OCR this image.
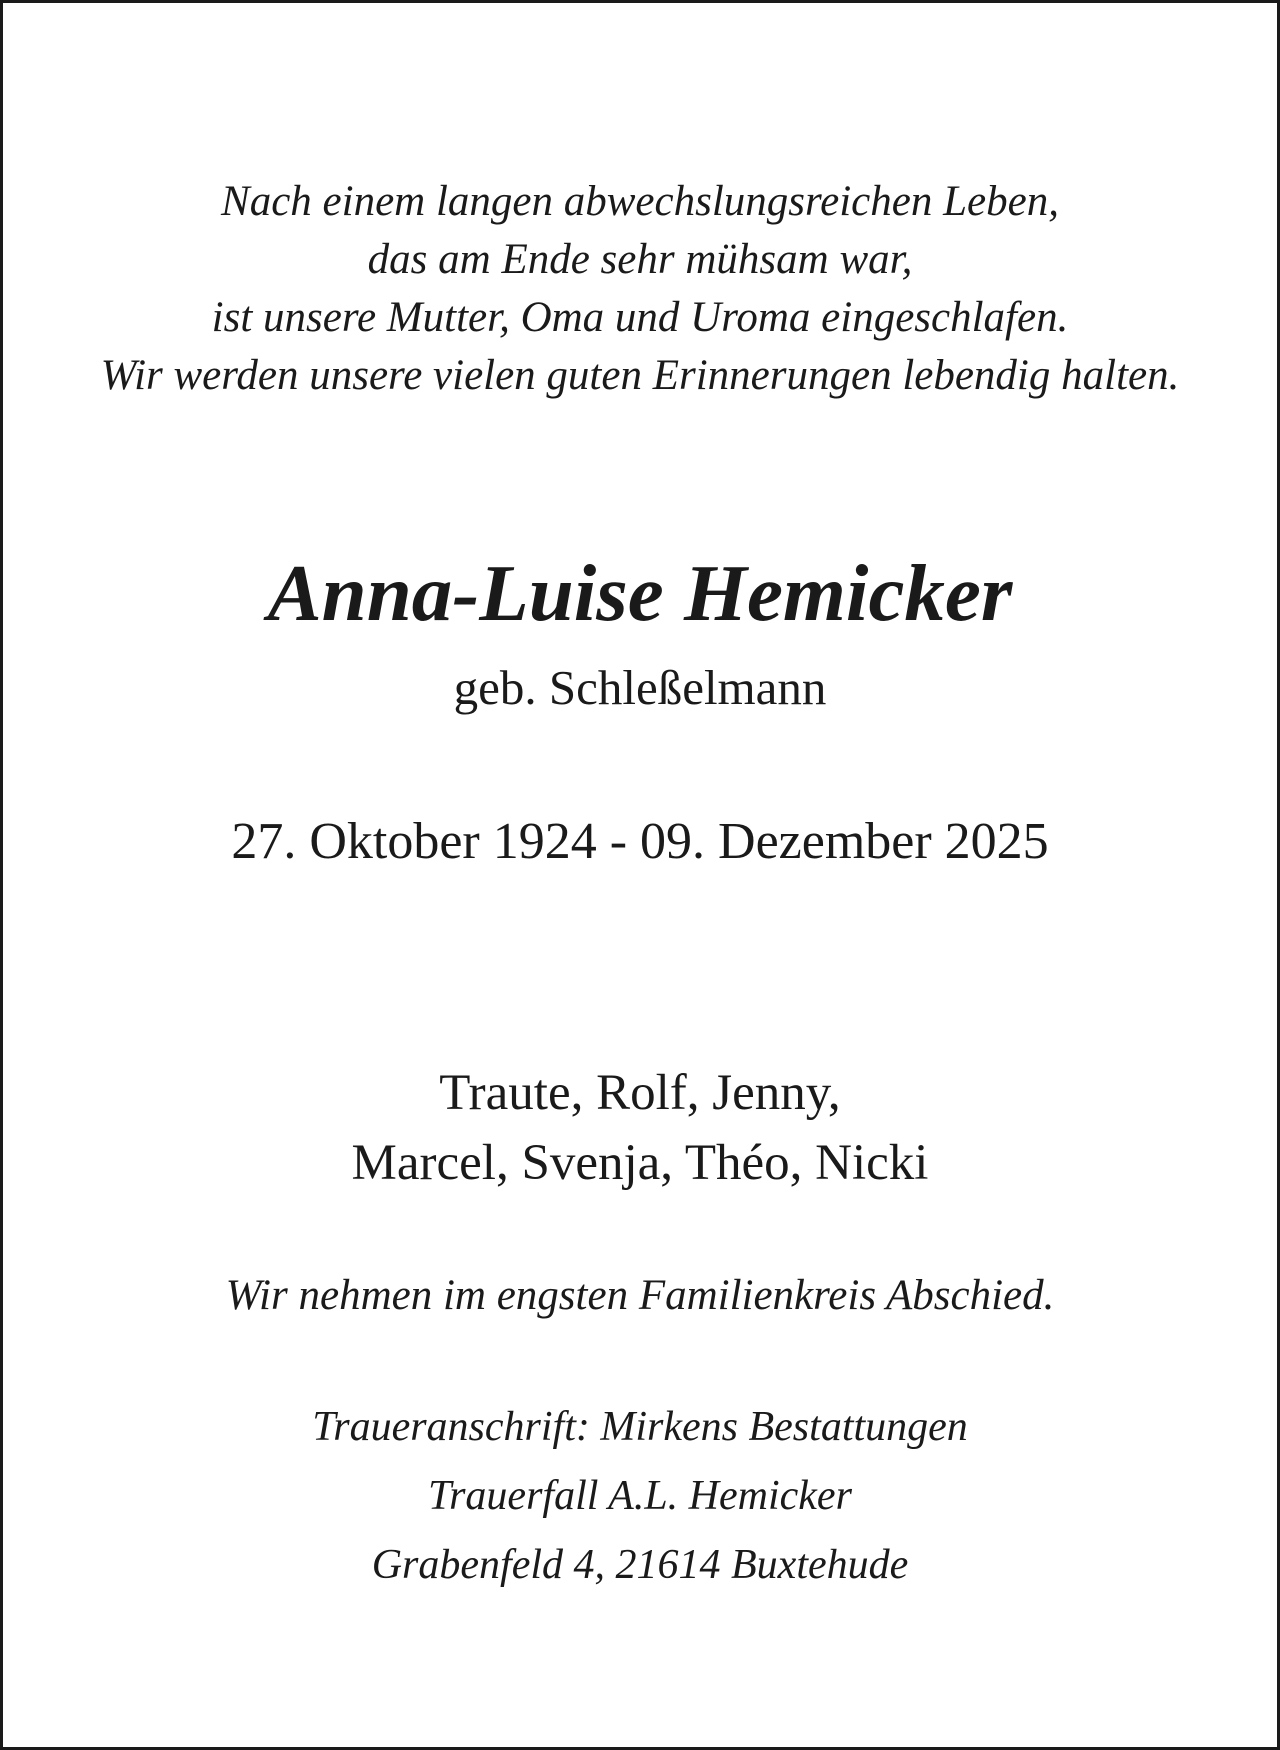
Nach einem langen abwechslungsreichen Leben,
das am Ende sehr mühsam war,
ist unsere Mutter, Oma und Uroma eingeschlafen.
Wir werden unsere vielen guten Erinnerungen lebendig halten.

Anna-Luise Hemicker

geb. Schleßelmann

27. Oktober 1924 - 09. Dezember 2025

Traute, Rolf, Jenny,
Marcel, Svenja, Théo, Nicki

Wir nehmen im engsten Familienkreis Abschied.

Traueranschrift: Mirkens Bestattungen
Trauerfall A.L. Hemicker
Grabenfeld 4, 21614 Buxtehude
